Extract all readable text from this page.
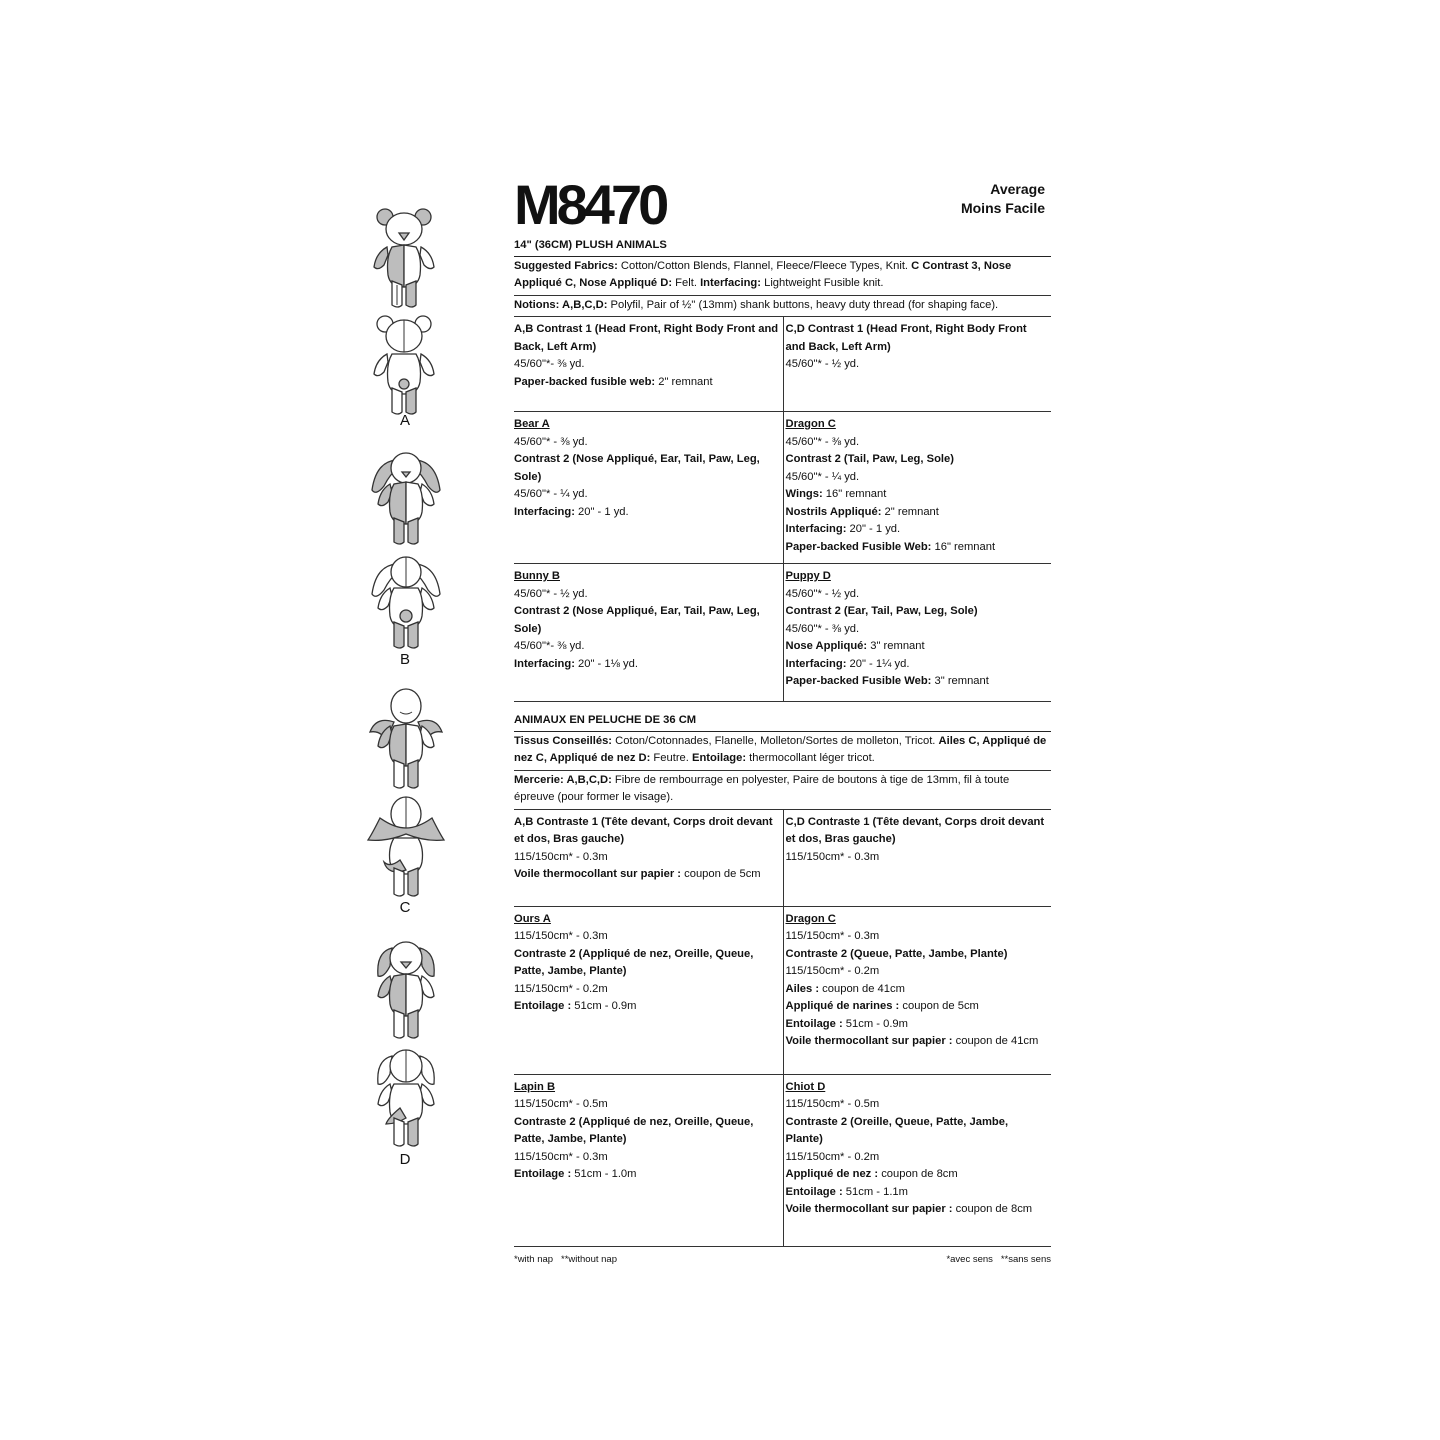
M8470	Average
Moins Facile
A
B
C
D
14" (36CM) PLUSH ANIMALS
Suggested Fabrics: Cotton/Cotton Blends, Flannel, Fleece/Fleece Types, Knit. C Contrast 3, Nose Appliqué C, Nose Appliqué D: Felt. Interfacing: Lightweight Fusible knit.
Notions: A,B,C,D: Polyfil, Pair of ½" (13mm) shank buttons, heavy duty thread (for shaping face).
A,B Contrast 1 (Head Front, Right Body Front and Back, Left Arm)
45/60"*- ⅜ yd.
Paper-backed fusible web: 2" remnant
C,D Contrast 1 (Head Front, Right Body Front and Back, Left Arm)
45/60"* - ½ yd.
Bear A
45/60"* - ⅜ yd.
Contrast 2 (Nose Appliqué, Ear, Tail, Paw, Leg, Sole)
45/60"* - ¼ yd.
Interfacing: 20" - 1 yd.
Dragon C
45/60"* - ⅜ yd.
Contrast 2 (Tail, Paw, Leg, Sole)
45/60"* - ¼ yd.
Wings: 16" remnant
Nostrils Appliqué: 2" remnant
Interfacing: 20" - 1 yd.
Paper-backed Fusible Web: 16" remnant
Bunny B
45/60"* - ½ yd.
Contrast 2 (Nose Appliqué, Ear, Tail, Paw, Leg, Sole)
45/60"*- ⅜ yd.
Interfacing: 20" - 1⅛ yd.
Puppy D
45/60"* - ½ yd.
Contrast 2 (Ear, Tail, Paw, Leg, Sole)
45/60"* - ⅜ yd.
Nose Appliqué: 3" remnant
Interfacing: 20" - 1¼ yd.
Paper-backed Fusible Web: 3" remnant
ANIMAUX EN PELUCHE DE 36 CM
Tissus Conseillés: Coton/Cotonnades, Flanelle, Molleton/Sortes de molleton, Tricot. Ailes C, Appliqué de nez C, Appliqué de nez D: Feutre. Entoilage: thermocollant léger tricot.
Mercerie: A,B,C,D: Fibre de rembourrage en polyester, Paire de boutons à tige de 13mm, fil à toute épreuve (pour former le visage).
A,B Contraste 1 (Tête devant, Corps droit devant et dos, Bras gauche)
115/150cm* - 0.3m
Voile thermocollant sur papier : coupon de 5cm
C,D Contraste 1 (Tête devant, Corps droit devant et dos, Bras gauche)
115/150cm* - 0.3m
Ours A
115/150cm* - 0.3m
Contraste 2 (Appliqué de nez, Oreille, Queue, Patte, Jambe, Plante)
115/150cm* - 0.2m
Entoilage : 51cm - 0.9m
Dragon C
115/150cm* - 0.3m
Contraste 2 (Queue, Patte, Jambe, Plante)
115/150cm* - 0.2m
Ailes : coupon de 41cm
Appliqué de narines : coupon de 5cm
Entoilage : 51cm - 0.9m
Voile thermocollant sur papier : coupon de 41cm
Lapin B
115/150cm* - 0.5m
Contraste 2 (Appliqué de nez, Oreille, Queue, Patte, Jambe, Plante)
115/150cm* - 0.3m
Entoilage : 51cm - 1.0m
Chiot D
115/150cm* - 0.5m
Contraste 2 (Oreille, Queue, Patte, Jambe, Plante)
115/150cm* - 0.2m
Appliqué de nez : coupon de 8cm
Entoilage : 51cm - 1.1m
Voile thermocollant sur papier : coupon de 8cm
*with nap   **without nap	*avec sens   **sans sens
